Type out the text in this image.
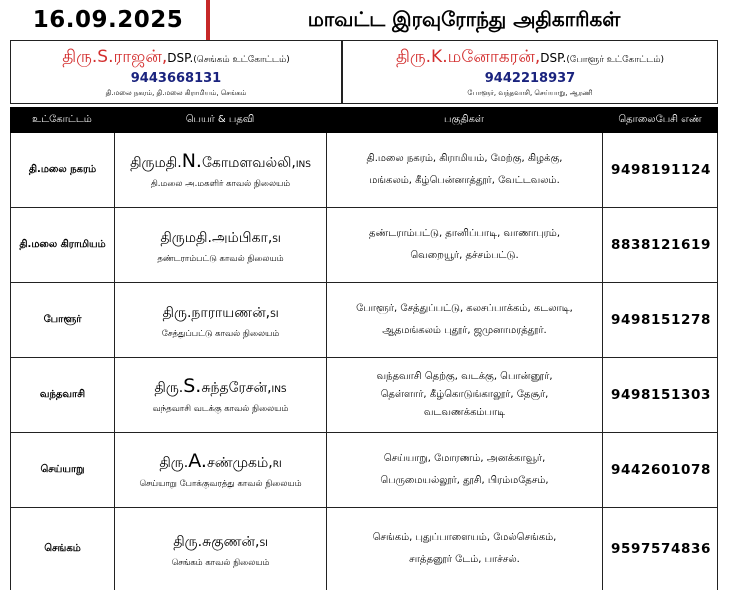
16.09.2025	மாவட்ட இரவுரோந்து அதிகாரிகள்
திரு.S.ராஜன்,DSP.(செங்கம் உட்கோட்டம்)
9443668131
தி.மலை நகரம், தி.மலை கிராமியம், செங்கம்
திரு.K.மனோகரன்,DSP.(போளூர் உட்கோட்டம்)
9442218937
போளூர், வந்தவாசி, செய்யாறு, ஆரணி
உட்கோட்டம்	பெயர் & பதவி	பகுதிகள்	தொலைபேசி எண்
தி.மலை நகரம்	திருமதி.N.கோமளவல்லி,INS
தி.மலை அ.மகளிர் காவல் நிலையம்
தி.மலை நகரம், கிராமியம், மேற்கு, கிழக்கு,
மங்கலம், கீழ்பென்னாத்தூர், வேட்டவலம்.
9498191124
தி.மலை கிராமியம்	திருமதி.அம்பிகா,SI
தண்டராம்பட்டு காவல் நிலையம்
தண்டராம்பட்டு, தானிப்பாடி, வாணாபுரம்,
வெறையூர், தச்சம்பட்டு.
8838121619
போளூர்	திரு.நாராயணன்,SI
சேத்துப்பட்டு காவல் நிலையம்
போளூர், சேத்துப்பட்டு, கலசப்பாக்கம், கடலாடி,
ஆதமங்கலம் புதூர், ஜமுனாமரத்தூர்.
9498151278
வந்தவாசி	திரு.S.சுந்தரேசன்,INS
வந்தவாசி வடக்கு காவல் நிலையம்
வந்தவாசி தெற்கு, வடக்கு, பொன்னூர்,
தெள்ளார், கீழ்கொடுங்காலூர், தேசூர்,
வடவணக்கம்பாடி
9498151303
செய்யாறு	திரு.A.சண்முகம்,RI
செய்யாறு போக்குவரத்து காவல் நிலையம்
செய்யாறு, மோரணம், அனக்காவூர்,
பெருமையல்லூர், தூசி, பிரம்மதேசம்,
9442601078
செங்கம்	திரு.சுகுணன்,SI
செங்கம் காவல் நிலையம்
செங்கம், புதுப்பாளையம், மேல்செங்கம்,
சாத்தனூர் டேம், பாச்சல்.
9597574836
